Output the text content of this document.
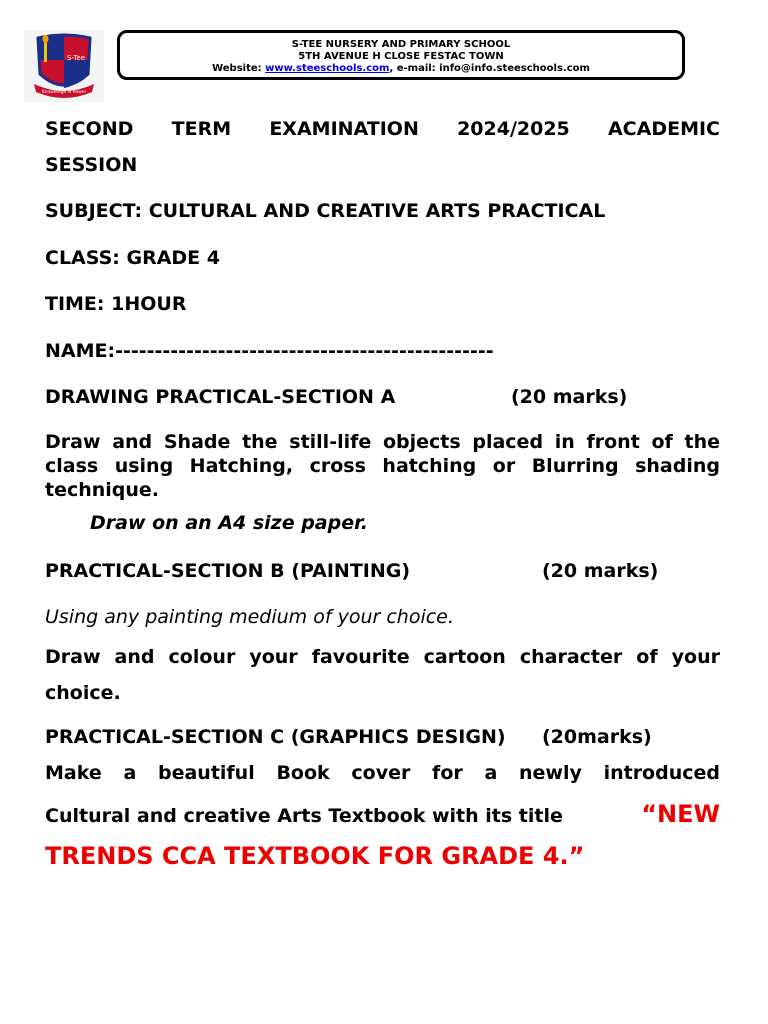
S-Tee
Knowledge is Power
S-TEE NURSERY AND PRIMARY SCHOOL
5TH AVENUE H CLOSE FESTAC TOWN
Website: www.steeschools.com, e-mail: info@info.steeschools.com
SECOND TERM EXAMINATION 2024/2025 ACADEMIC

SESSION

SUBJECT: CULTURAL AND CREATIVE ARTS PRACTICAL

CLASS: GRADE 4

TIME: 1HOUR

NAME:------------------------------------------------

DRAWING PRACTICAL-SECTION A	(20 marks)

Draw and Shade the still-life objects placed in front of the class using Hatching, cross hatching or Blurring shading technique.

Draw on an A4 size paper.

PRACTICAL-SECTION B (PAINTING)	(20 marks)

Using any painting medium of your choice.

Draw and colour your favourite cartoon character of your choice.

PRACTICAL-SECTION C (GRAPHICS DESIGN)	(20marks)

Make a beautiful Book cover for a newly introduced

Cultural and creative Arts Textbook with its title	“NEW

TRENDS CCA TEXTBOOK FOR GRADE 4.”
